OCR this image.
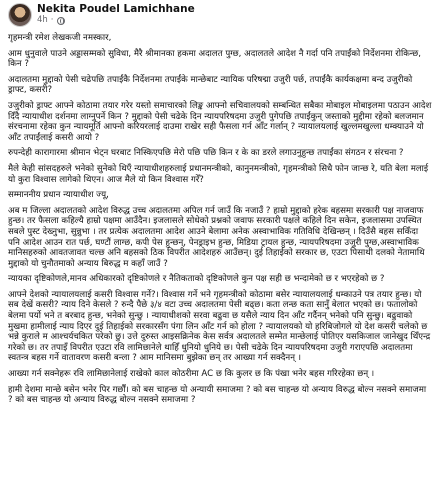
Nekita Poudel Lamichhane
4h ·

गृहमन्त्री रमेश लेखकजी नमस्कार,

आम धुनुवाले पाउने अड्डासम्मको सुविधा, मैरै श्रीमानका हकमा अदालत पुग्छ, अदालतले आदेश नै गर्दा पनि तपाईंको निर्देशनमा रोकिन्छ, किन ?

अदालतमा मुद्दाको पेसी चढेपछि तपाईंकै निर्देशनमा तपाईंके मान्छेबाट न्यायिक परिषद्मा उजुरी पर्छ, तपाईंकै कार्यकक्षमा बन्द उजुरीको ड्राफ्ट, कसरी?

उजुरीको ड्राफ्ट आफ्ने कोठामा तयार गरेर यस्तो समाचारको लिङ्क आफ्नो सचिवालयको सम्बन्धित सबैका मोबाइल मोबाइलमा पठाउन आदेश दिँदै न्यायाधीश दर्शनमा लाग्नुपर्ने किन ? मुद्दाको पेसी चढेके दिन न्यायपरिषदमा उजुरी पुगेपछि तपाईंकुन् जस्ताको मुद्दीमा रहेको बलजमान संरचनामा रहेका कुन न्यायमूर्ति आफ्नो करियरलाई दाउमा राखेर सही फैसला गर्न आँट गर्लान् ? न्यायालयलाई खुल्लमखुल्ला धम्क्याउने यो आँट तपाईंलाई कसरी आयो ?

रुपन्देही कारागारमा श्रीमान भेट्न घरबाट निस्किएपछि मेरो पछि पछि किन र के का डरले लगाउनुहुन्छ तपाईंका संगठन र संरचना ?

मैले केही सांसदहरुले भनेको सुनेको थिएँ न्यायाधीशहरुलाई प्रधानमन्त्रीको, कानुनमन्त्रीको, गृहमन्त्रीको सिधै फोन जान्छ रे, यति बेला मलाई यो कुरा विश्वास लागेको थिएन। आज मैले यो किन विश्वास गरेँ?

सम्माननीय प्रधान न्यायाधीश ज्यू,

अब म जिल्ला अदालतको आदेश विरुद्ध उच्च अदालतमा अपिल गर्न जाउँ कि नजाउँ ? हाम्रो मुद्दाको हरेक बहसमा सरकारी पक्ष नाजवाफ हुन्छ। तर फैसला कहिल्यै हाम्रो पक्षमा आउँदैन। इजलासले सोधेको प्रश्नको जवाफ सरकारी पक्षले कहिले दिन सकेन, इजलासमा उपस्थित सबले पुस्ट देख्नुभा, सुन्नुभा । तर प्रत्येक अदालतमा आदेश आउने बेलामा अनेक अस्वाभाविक गतिविधि देखिन्छन् । दिउँसै बहस सकिँदा पनि आदेश आउन रात पर्छ, घण्टौं लाग्छ, कपी पेस हुन्छन्, पेनड्राइभ हुन्छ, मिडिया ट्रायल हुन्छ, न्यायपरिषदमा उजुरी पुग्छ,अस्वाभाविक मानिसहरुको आवतजावत चल्छ अनि बहसको ठिक विपरीत आदेशहरु आउँछन्। दुई तिहाईको सरकार छ, एउटा पिसाथी दलको नेतामाथि मुद्दाको यो चुनौतमाको अन्याय बिरुद्ध म कहाँ जाउँ ?

न्यायका दृष्टिकोणले,मानव अधिकारको दृष्टिकोणले र नैतिकताको दृष्टिकोणले कुन पक्ष सही छ भन्दामेको छ र भएरहेको छ ?

आफ्ने देशको न्यायालयलाई कसरी विश्वास गर्ने?। विश्वास गर्ने भने गृहमन्त्रीको कोठामा बसेर न्यायालयलाई धम्काउने पत्र तयार हुन्छ। यो सब देखें कसरी? न्याय दिने केसले ? रुन्दै पैछे ३/४ वटा उच्च अदालतमा पेसी बढ्छ। कता लन्छ कता सानुँ बेलात भएको छ। फतालोको बेलमा पर्यो भने त बरबाद हुन्छ, भनेको सुन्छु । न्यायाधीशको सरवा बढुवा छ यसैले न्याय दिन आँट गर्दैनन् भनेको पनि सुन्छु। बढुवाको मुखमा हामीलाई न्याय दिएर दुई तिहाईको सरकारसँग पंगा लिन आँट गर्न को होला ? न्यायालयको यो हरिबिजोगले यो देश कसरी चलेको छ भन्ने कुराले म आश्चर्यचकित परेको छु। उत्ते दुरुस्त आइसक्रिनेक केस सर्वत्र अदालतले सम्मेत मान्छेलाई पोतिएर यसकिजाल जानेखुद थिँएन्द्र गरेको छ। तर तपाइँ विपरीत एउटा रवि लामिछानेले थाहिँ धुनियो धुनिये छ। पेसी चढेके दिन न्यायपरिषदमा उजुरी गराएपछि अदालतमा स्वतन्त्र बहस गर्ने वातावरण कसरी बन्ला ? आम मानिसमा बुझेका छन् तर आख्या गर्न सक्दैनन् ।

आख्या गर्न सक्नेहरू रवि लामिछानेलाई राखेको काल कोठरीमा AC छ कि कुलर छ कि पंखा भनेर बहस गरिरहेका छन् ।

हामी देशमा मान्छे बसेन भनेर पिर गर्छौं। को बस चाहन्छ यो अन्यायी समाजमा ? को बस चाहन्छ यो अन्याय विरुद्ध बोल्न नसक्ने समाजमा ? को बस चाहन्छ यो अन्याय विरुद्ध बोल्न नसक्ने समाजमा ?
